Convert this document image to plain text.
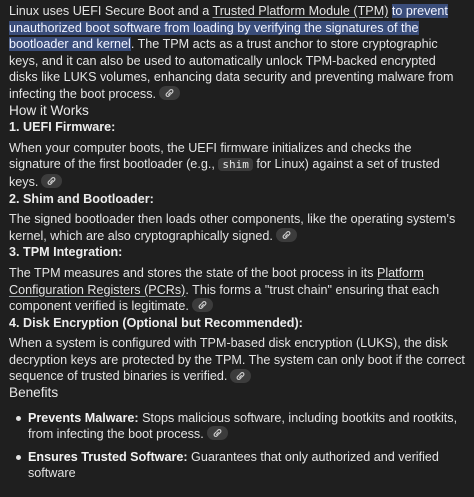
Linux uses UEFI Secure Boot and a Trusted Platform Module (TPM) to prevent
unauthorized boot software from loading by verifying the signatures of the
bootloader and kernel. The TPM acts as a trust anchor to store cryptographic keys, and it can also be used to automatically unlock TPM-backed encrypted disks like LUKS volumes, enhancing data security and preventing malware from infecting the boot process.

How it Works
1. UEFI Firmware:

When your computer boots, the UEFI firmware initializes and checks the signature of the first bootloader (e.g., shim for Linux) against a set of trusted keys.

2. Shim and Bootloader:

The signed bootloader then loads other components, like the operating system's kernel, which are also cryptographically signed.

3. TPM Integration:

The TPM measures and stores the state of the boot process in its Platform Configuration Registers (PCRs). This forms a "trust chain" ensuring that each component verified is legitimate.

4. Disk Encryption (Optional but Recommended):

When a system is configured with TPM-based disk encryption (LUKS), the disk decryption keys are protected by the TPM. The system can only boot if the correct sequence of trusted binaries is verified.

Benefits
Prevents Malware: Stops malicious software, including bootkits and rootkits, from infecting the boot process.
Ensures Trusted Software: Guarantees that only authorized and verified software
